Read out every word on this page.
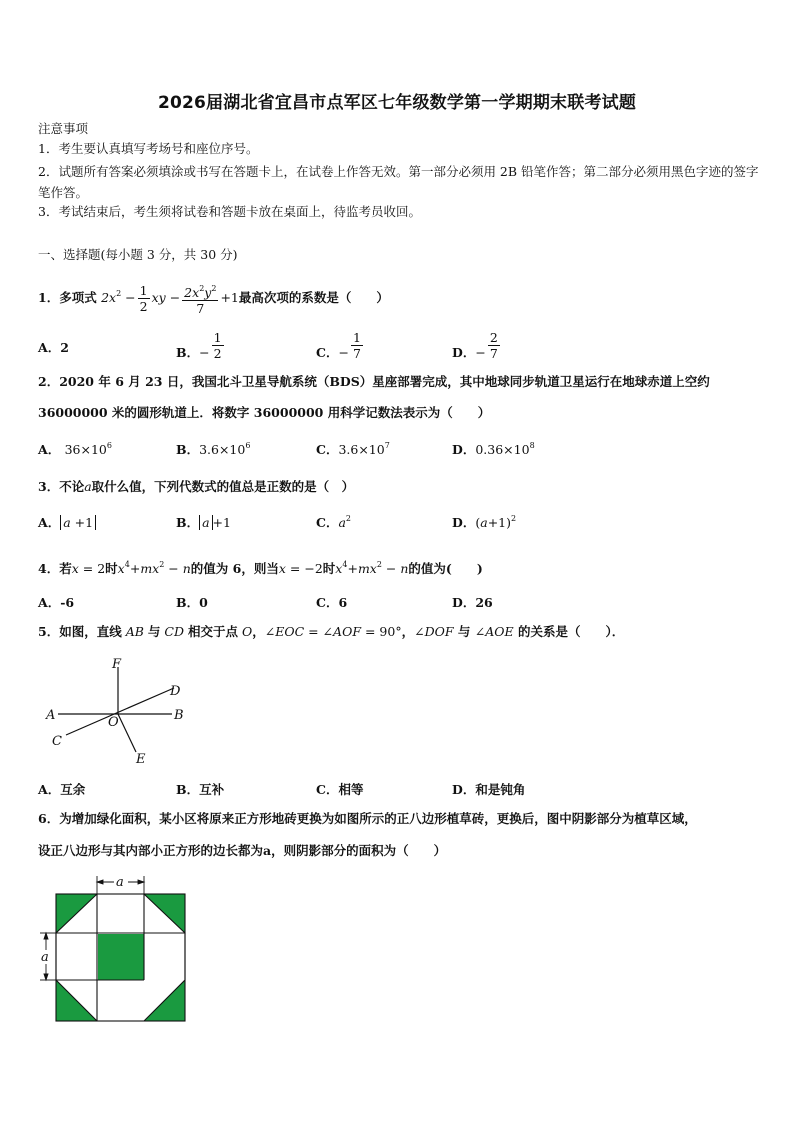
2026届湖北省宜昌市点军区七年级数学第一学期期末联考试题
注意事项
1．考生要认真填写考场号和座位序号。
2．试题所有答案必须填涂或书写在答题卡上，在试卷上作答无效。第一部分必须用 2B 铅笔作答；第二部分必须用黑色字迹的签字笔作答。
3．考试结束后，考生须将试卷和答题卡放在桌面上，待监考员收回。
一、选择题(每小题 3 分，共 30 分)
1．多项式 $2x^2 - \frac{1}{2}$ xy − $\frac{2x^2y^2}{7} +1$最高次项的系数是（　　）
A．2	B．− $\frac{1}{2}$	C．− $\frac{1}{7}$	D．− $\frac{2}{7}$
2．2020 年 6 月 23 日，我国北斗卫星导航系统（BDS）星座部署完成，其中地球同步轨道卫星运行在地球赤道上空约
36000000 米的圆形轨道上．将数字 36000000 用科学记数法表示为（　　）
A． $36\times 10^6$	B．$3.6\times 10^6$	C．$3.6\times 10^7$	D．$0.36\times 10^8$
3．不论a取什么值，下列代数式的值总是正数的是（　）
A． a +1	B． a +1	C．$a^2$	D．$(a+1)^2$
4．若x = 2时$x^4+mx^2 - n$的值为 6，则当x = −2时$x^4+mx^2 - n$的值为(　　)
A．-6	B．0	C．6	D．26
5．如图，直线 AB 与 CD 相交于点 O，∠EOC = ∠AOF = 90°，∠DOF 与 ∠AOE 的关系是（　　）．
F
D
A	O	B
C
E
A．互余	B．互补	C．相等	D．和是钝角
6．为增加绿化面积，某小区将原来正方形地砖更换为如图所示的正八边形植草砖，更换后，图中阴影部分为植草区域，
设正八边形与其内部小正方形的边长都为a，则阴影部分的面积为（　　）
a
a
